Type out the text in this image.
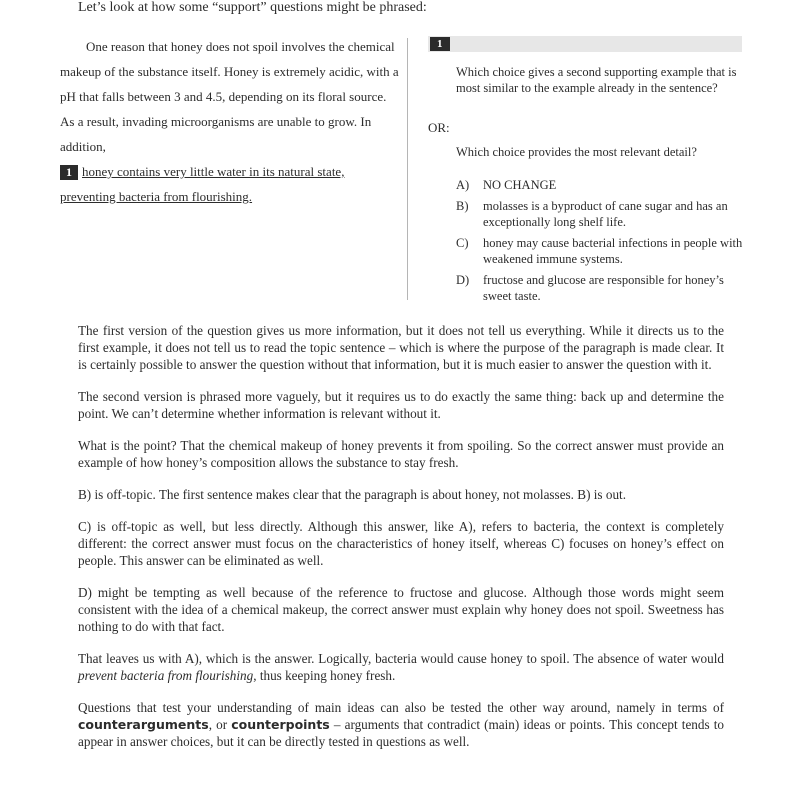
Let’s look at how some “support” questions might be phrased:
One reason that honey does not spoil involves the chemical makeup of the substance itself. Honey is extremely acidic, with a pH that falls between 3 and 4.5, depending on its floral source. As a result, invading microorganisms are unable to grow. In addition,
1 honey contains very little water in its natural state, preventing bacteria from flourishing.
1
Which choice gives a second supporting example that is most similar to the example already in the sentence?
OR:
Which choice provides the most relevant detail?
A)	NO CHANGE
B)	molasses is a byproduct of cane sugar and has an exceptionally long shelf life.
C)	honey may cause bacterial infections in people with weakened immune systems.
D)	fructose and glucose are responsible for honey’s sweet taste.

The first version of the question gives us more information, but it does not tell us everything. While it directs us to the first example, it does not tell us to read the topic sentence – which is where the purpose of the paragraph is made clear. It is certainly possible to answer the question without that information, but it is much easier to answer the question with it.

The second version is phrased more vaguely, but it requires us to do exactly the same thing: back up and determine the point. We can’t determine whether information is relevant without it.

What is the point? That the chemical makeup of honey prevents it from spoiling. So the correct answer must provide an example of how honey’s composition allows the substance to stay fresh.

B) is off-topic. The first sentence makes clear that the paragraph is about honey, not molasses. B) is out.

C) is off-topic as well, but less directly. Although this answer, like A), refers to bacteria, the context is completely different: the correct answer must focus on the characteristics of honey itself, whereas C) focuses on honey’s effect on people. This answer can be eliminated as well.

D) might be tempting as well because of the reference to fructose and glucose. Although those words might seem consistent with the idea of a chemical makeup, the correct answer must explain why honey does not spoil. Sweetness has nothing to do with that fact.

That leaves us with A), which is the answer. Logically, bacteria would cause honey to spoil. The absence of water would prevent bacteria from flourishing, thus keeping honey fresh.

Questions that test your understanding of main ideas can also be tested the other way around, namely in terms of counterarguments, or counterpoints – arguments that contradict (main) ideas or points. This concept tends to appear in answer choices, but it can be directly tested in questions as well.
